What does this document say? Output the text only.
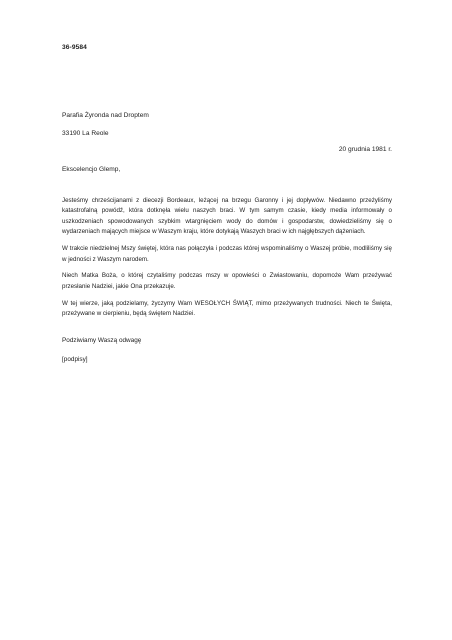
36-9584
Parafia Żyronda nad Droptem
33190 La Reole
20 grudnia 1981 r.
Ekscelencjo Glemp,

Jesteśmy chrześcijanami z diecezji Bordeaux, leżącej na brzegu Garonny i jej dopływów. Niedawno przeżyliśmy katastrofalną powódź, która dotknęła wielu naszych braci. W tym samym czasie, kiedy media informowały o uszkodzeniach spowodowanych szybkim wtargnięciem wody do domów i gospodarstw, dowiedzieliśmy się o wydarzeniach mających miejsce w Waszym kraju, które dotykają Waszych braci w ich najgłębszych dążeniach.

W trakcie niedzielnej Mszy świętej, która nas połączyła i podczas której wspominaliśmy o Waszej próbie, modliliśmy się w jedności z Waszym narodem.

Niech Matka Boża, o której czytaliśmy podczas mszy w opowieści o Zwiastowaniu, dopomoże Wam przeżywać przesłanie Nadziei, jakie Ona przekazuje.

W tej wierze, jaką podzielamy, życzymy Wam WESOŁYCH ŚWIĄT, mimo przeżywanych trudności. Niech te Święta, przeżywane w cierpieniu, będą świętem Nadziei.

Podziwiamy Waszą odwagę
[podpisy]
